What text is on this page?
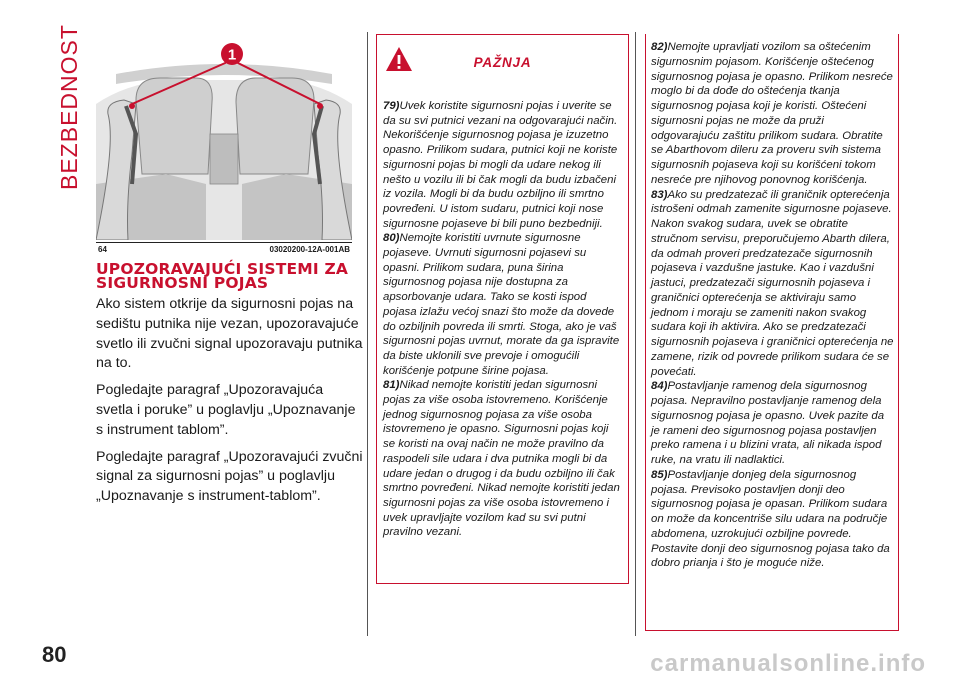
BEZBEDNOST	1
64	03020200-12A-001AB
UPOZORAVAJUĆI SISTEMI ZA SIGURNOSNI POJAS

Ako sistem otkrije da sigurnosni pojas na sedištu putnika nije vezan, upozoravajuće svetlo ili zvučni signal upozoravaju putnika na to.

Pogledajte paragraf „Upozoravajuća svetla i poruke” u poglavlju „Upoznavanje s instrument tablom”.

Pogledajte paragraf „Upozoravajući zvučni signal za sigurnosni pojas” u poglavlju „Upoznavanje s instrument-tablom”.

PAŽNJA

79)Uvek koristite sigurnosni pojas i uverite se da su svi putnici vezani na odgovarajući način. Nekorišćenje sigurnosnog pojasa je izuzetno opasno. Prilikom sudara, putnici koji ne koriste sigurnosni pojas bi mogli da udare nekog ili nešto u vozilu ili bi čak mogli da budu izbačeni iz vozila. Mogli bi da budu ozbiljno ili smrtno povređeni. U istom sudaru, putnici koji nose sigurnosne pojaseve bi bili puno bezbedniji.

80)Nemojte koristiti uvrnute sigurnosne pojaseve. Uvrnuti sigurnosni pojasevi su opasni. Prilikom sudara, puna širina sigurnosnog pojasa nije dostupna za apsorbovanje udara. Tako se kosti ispod pojasa izlažu većoj snazi što može da dovede do ozbiljnih povreda ili smrti. Stoga, ako je vaš sigurnosni pojas uvrnut, morate da ga ispravite da biste uklonili sve prevoje i omogućili korišćenje potpune širine pojasa.

81)Nikad nemojte koristiti jedan sigurnosni pojas za više osoba istovremeno. Korišćenje jednog sigurnosnog pojasa za više osoba istovremeno je opasno. Sigurnosni pojas koji se koristi na ovaj način ne može pravilno da raspodeli sile udara i dva putnika mogli bi da udare jedan o drugog i da budu ozbiljno ili čak smrtno povređeni. Nikad nemojte koristiti jedan sigurnosni pojas za više osoba istovremeno i uvek upravljajte vozilom kad su svi putni pravilno vezani.

82)Nemojte upravljati vozilom sa oštećenim sigurnosnim pojasom. Korišćenje oštećenog sigurnosnog pojasa je opasno. Prilikom nesreće moglo bi da dođe do oštećenja tkanja sigurnosnog pojasa koji je koristi. Oštećeni sigurnosni pojas ne može da pruži odgovarajuću zaštitu prilikom sudara. Obratite se Abarthovom dileru za proveru svih sistema sigurnosnih pojaseva koji su korišćeni tokom nesreće pre njihovog ponovnog korišćenja.

83)Ako su predzatezač ili graničnik opterećenja istrošeni odmah zamenite sigurnosne pojaseve. Nakon svakog sudara, uvek se obratite stručnom servisu, preporučujemo Abarth dilera, da odmah proveri predzatezače sigurnosnih pojaseva i vazdušne jastuke. Kao i vazdušni jastuci, predzatezači sigurnosnih pojaseva i graničnici opterećenja se aktiviraju samo jednom i moraju se zameniti nakon svakog sudara koji ih aktivira. Ako se predzatezači sigurnosnih pojaseva i graničnici opterećenja ne zamene, rizik od povrede prilikom sudara će se povećati.

84)Postavljanje ramenog dela sigurnosnog pojasa. Nepravilno postavljanje ramenog dela sigurnosnog pojasa je opasno. Uvek pazite da je rameni deo sigurnosnog pojasa postavljen preko ramena i u blizini vrata, ali nikada ispod ruke, na vratu ili nadlaktici.

85)Postavljanje donjeg dela sigurnosnog pojasa. Previsoko postavljen donji deo sigurnosnog pojasa je opasan. Prilikom sudara on može da koncentriše silu udara na područje abdomena, uzrokujući ozbiljne povrede. Postavite donji deo sigurnosnog pojasa tako da dobro prianja i što je moguće niže.

80	carmanualsonline.info
